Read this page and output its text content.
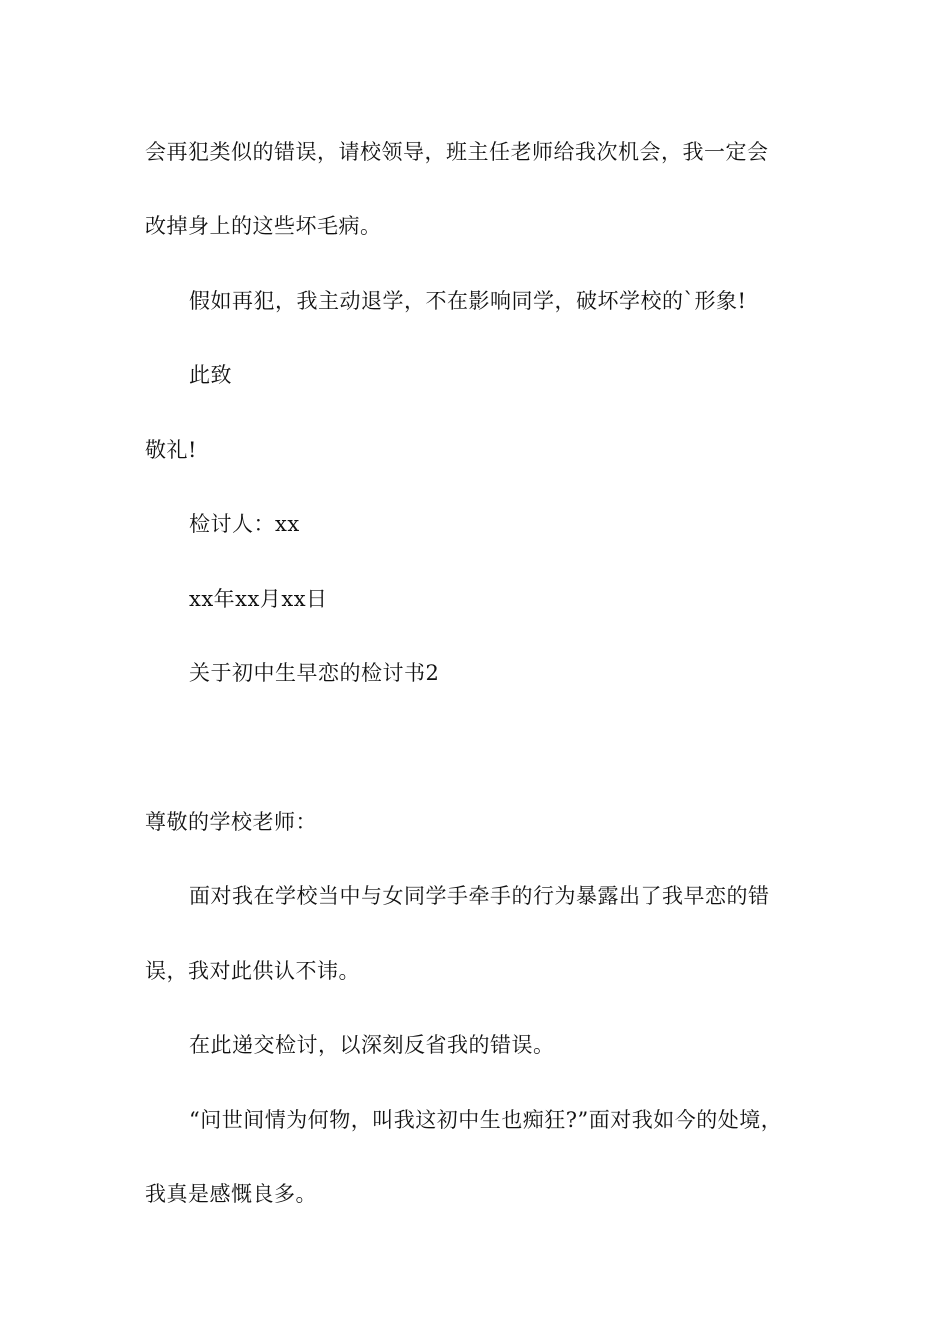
会再犯类似的错误，请校领导，班主任老师给我次机会，我一定会
改掉身上的这些坏毛病。
假如再犯，我主动退学，不在影响同学，破坏学校的`形象!
此致
敬礼!
检讨人：xx
xx年xx月xx日
关于初中生早恋的检讨书2
尊敬的学校老师：
面对我在学校当中与女同学手牵手的行为暴露出了我早恋的错
误，我对此供认不讳。
在此递交检讨，以深刻反省我的错误。
“问世间情为何物，叫我这初中生也痴狂?”面对我如今的处境，
我真是感慨良多。
